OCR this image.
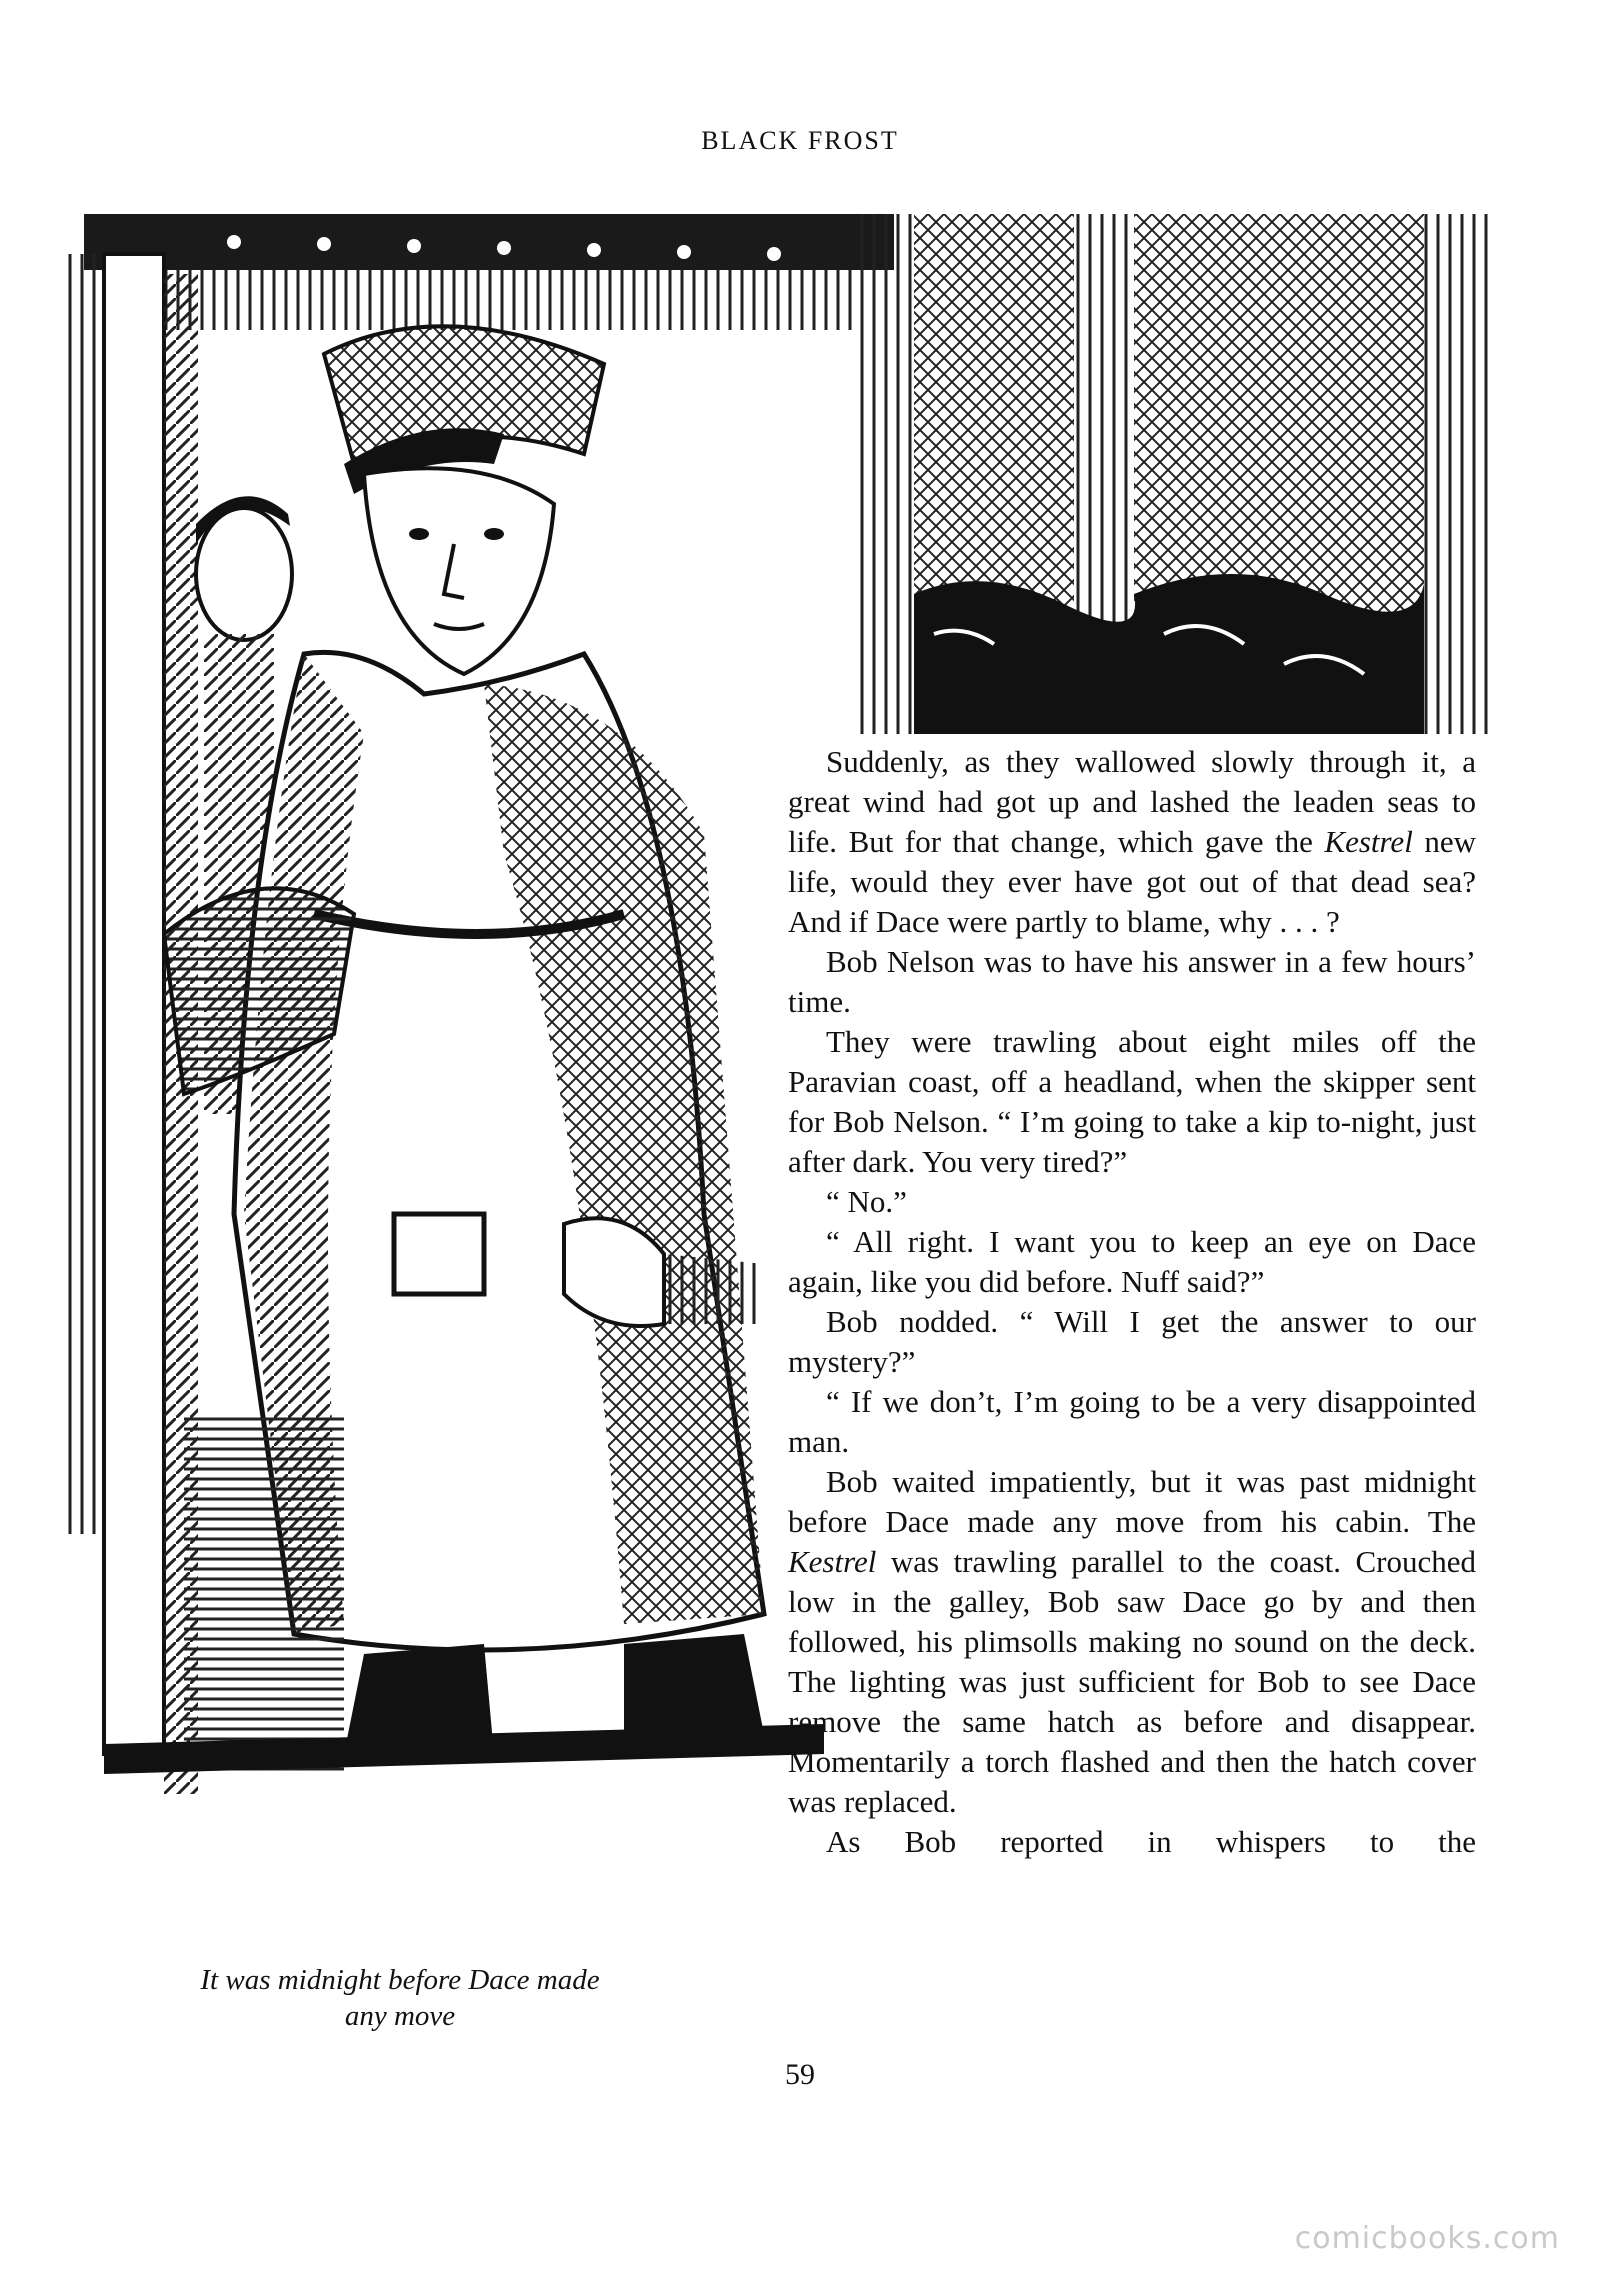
BLACK FROST
E.A.H.

Suddenly, as they wallowed slowly through it, a great wind had got up and lashed the leaden seas to life. But for that change, which gave the Kestrel new life, would they ever have got out of that dead sea? And if Dace were partly to blame, why . . . ?

Bob Nelson was to have his answer in a few hours’ time.

They were trawling about eight miles off the Paravian coast, off a headland, when the skipper sent for Bob Nelson. “ I’m going to take a kip to-night, just after dark. You very tired?”

“ No.”

“ All right. I want you to keep an eye on Dace again, like you did before. Nuff said?”

Bob nodded. “ Will I get the answer to our mystery?”

“ If we don’t, I’m going to be a very disappointed man.

Bob waited impatiently, but it was past midnight before Dace made any move from his cabin. The Kestrel was trawling parallel to the coast. Crouched low in the galley, Bob saw Dace go by and then followed, his plimsolls making no sound on the deck. The lighting was just sufficient for Bob to see Dace remove the same hatch as before and disappear. Momentarily a torch flashed and then the hatch cover was replaced.

As Bob reported in whispers to the

It was midnight before Dace made
any move
59
comicbooks.com
